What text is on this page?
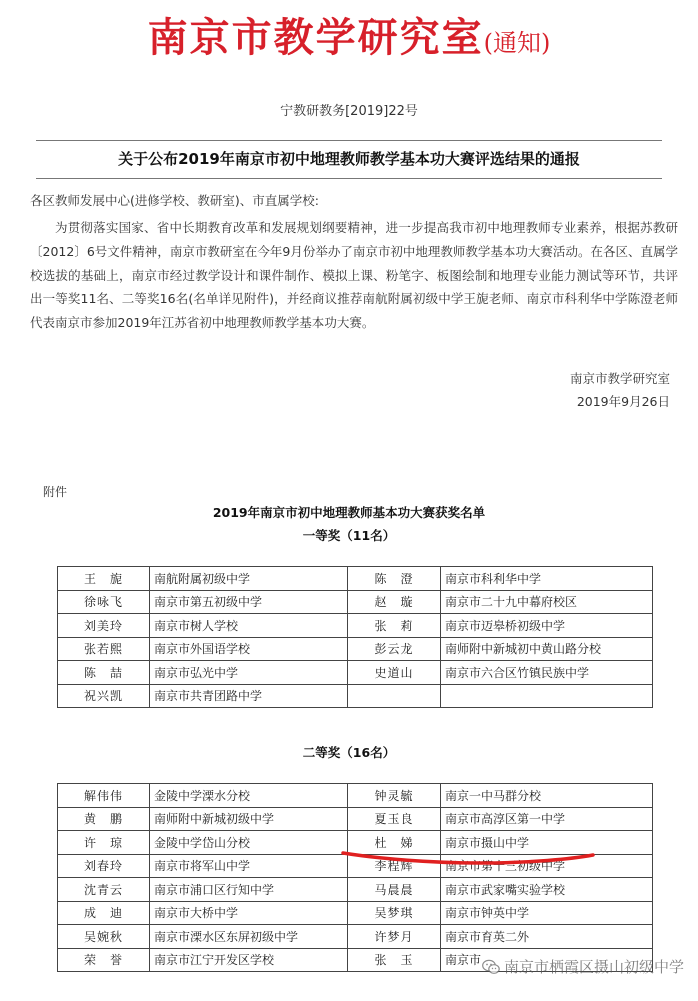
南京市教学研究室(通知)
宁教研教务[2019]22号
关于公布2019年南京市初中地理教师教学基本功大赛评选结果的通报
各区教师发展中心(进修学校、教研室)、市直属学校:
为贯彻落实国家、省中长期教育改革和发展规划纲要精神，进一步提高我市初中地理教师专业素养，根据苏教研〔2012〕6号文件精神，南京市教研室在今年9月份举办了南京市初中地理教师教学基本功大赛活动。在各区、直属学校选拔的基础上，南京市经过教学设计和课件制作、模拟上课、粉笔字、板图绘制和地理专业能力测试等环节，共评出一等奖11名、二等奖16名(名单详见附件)，并经商议推荐南航附属初级中学王旎老师、南京市科利华中学陈澄老师代表南京市参加2019年江苏省初中地理教师教学基本功大赛。
南京市教学研究室
2019年9月26日
附件
2019年南京市初中地理教师基本功大赛获奖名单
一等奖（11名）
王　旎	南航附属初级中学	陈　澄	南京市科利华中学
徐咏飞	南京市第五初级中学	赵　璇	南京市二十九中幕府校区
刘美玲	南京市树人学校	张　莉	南京市迈皋桥初级中学
张若熙	南京市外国语学校	彭云龙	南师附中新城初中黄山路分校
陈　喆	南京市弘光中学	史道山	南京市六合区竹镇民族中学
祝兴凯	南京市共青团路中学		
二等奖（16名）
解伟伟	金陵中学溧水分校	钟灵毓	南京一中马群分校
黄　鹏	南师附中新城初级中学	夏玉良	南京市高淳区第一中学
许　琼	金陵中学岱山分校	杜　娣	南京市摄山中学
刘春玲	南京市将军山中学	李程辉	南京市第十三初级中学
沈青云	南京市浦口区行知中学	马晨晨	南京市武家嘴实验学校
成　迪	南京市大桥中学	吴梦琪	南京市钟英中学
吴婉秋	南京市溧水区东屏初级中学	许梦月	南京市育英二外
荣　誉	南京市江宁开发区学校	张　玉	南京市 南京市栖霞区摄山初级中学
